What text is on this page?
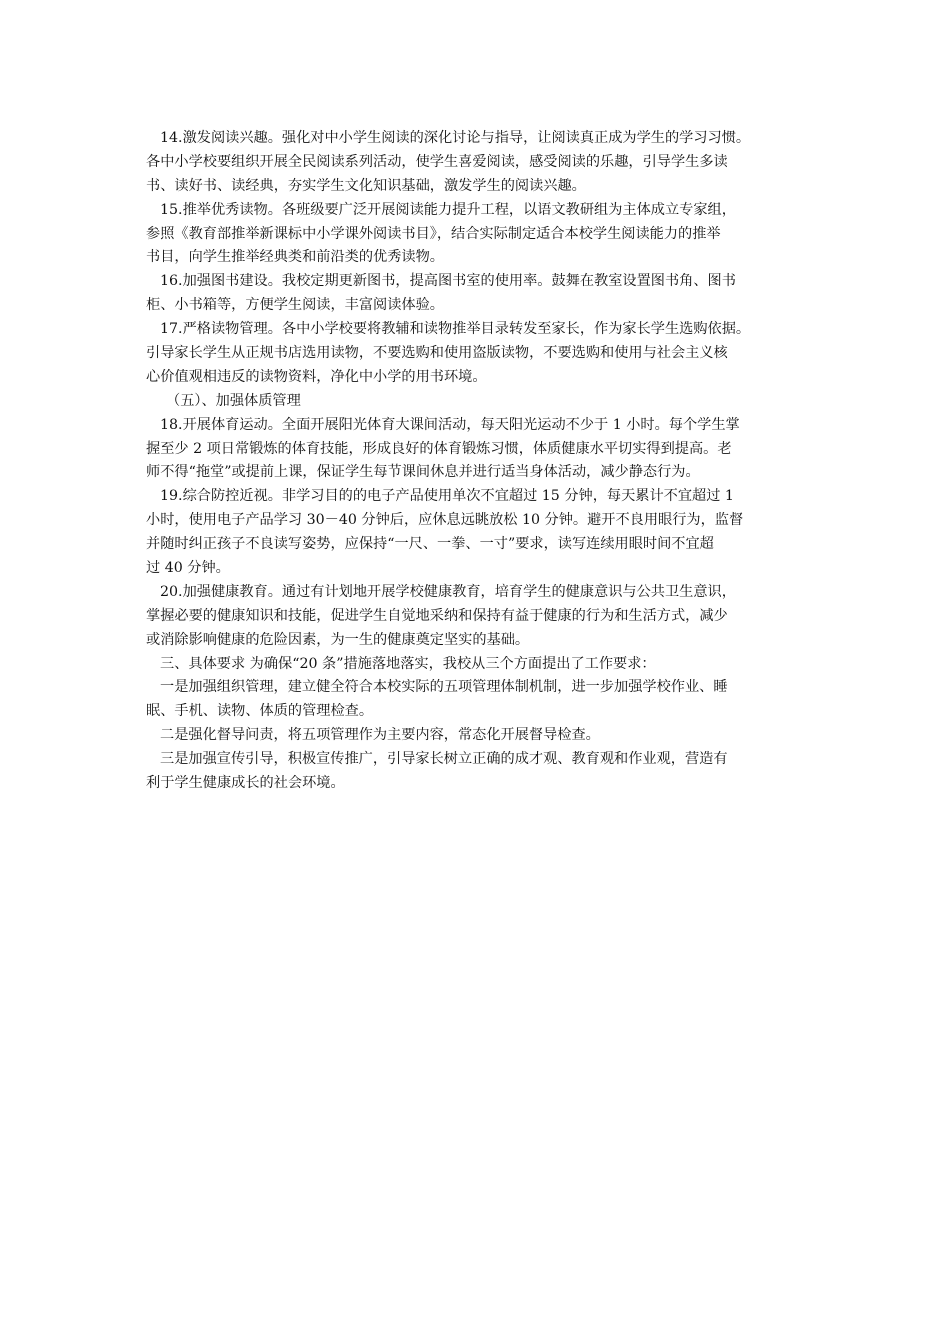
14.激发阅读兴趣。强化对中小学生阅读的深化讨论与指导，让阅读真正成为学生的学习习惯。
各中小学校要组织开展全民阅读系列活动，使学生喜爱阅读，感受阅读的乐趣，引导学生多读
书、读好书、读经典，夯实学生文化知识基础，激发学生的阅读兴趣。
15.推举优秀读物。各班级要广泛开展阅读能力提升工程，以语文教研组为主体成立专家组，
参照《教育部推举新课标中小学课外阅读书目》，结合实际制定适合本校学生阅读能力的推举
书目，向学生推举经典类和前沿类的优秀读物。
16.加强图书建设。我校定期更新图书，提高图书室的使用率。鼓舞在教室设置图书角、图书
柜、小书箱等，方便学生阅读，丰富阅读体验。
17.严格读物管理。各中小学校要将教辅和读物推举目录转发至家长，作为家长学生选购依据。
引导家长学生从正规书店选用读物，不要选购和使用盗版读物，不要选购和使用与社会主义核
心价值观相违反的读物资料，净化中小学的用书环境。
（五）、加强体质管理
18.开展体育运动。全面开展阳光体育大课间活动，每天阳光运动不少于 1 小时。每个学生掌
握至少 2 项日常锻炼的体育技能，形成良好的体育锻炼习惯，体质健康水平切实得到提高。老
师不得“拖堂”或提前上课，保证学生每节课间休息并进行适当身体活动，减少静态行为。
19.综合防控近视。非学习目的的电子产品使用单次不宜超过 15 分钟，每天累计不宜超过 1
小时，使用电子产品学习 30－40 分钟后，应休息远眺放松 10 分钟。避开不良用眼行为，监督
并随时纠正孩子不良读写姿势，应保持“一尺、一拳、一寸”要求，读写连续用眼时间不宜超
过 40 分钟。
20.加强健康教育。通过有计划地开展学校健康教育，培育学生的健康意识与公共卫生意识，
掌握必要的健康知识和技能，促进学生自觉地采纳和保持有益于健康的行为和生活方式，减少
或消除影响健康的危险因素，为一生的健康奠定坚实的基础。
三、具体要求 为确保“20 条”措施落地落实，我校从三个方面提出了工作要求：
一是加强组织管理，建立健全符合本校实际的五项管理体制机制，进一步加强学校作业、睡
眠、手机、读物、体质的管理检查。
二是强化督导问责，将五项管理作为主要内容，常态化开展督导检查。
三是加强宣传引导，积极宣传推广，引导家长树立正确的成才观、教育观和作业观，营造有
利于学生健康成长的社会环境。
